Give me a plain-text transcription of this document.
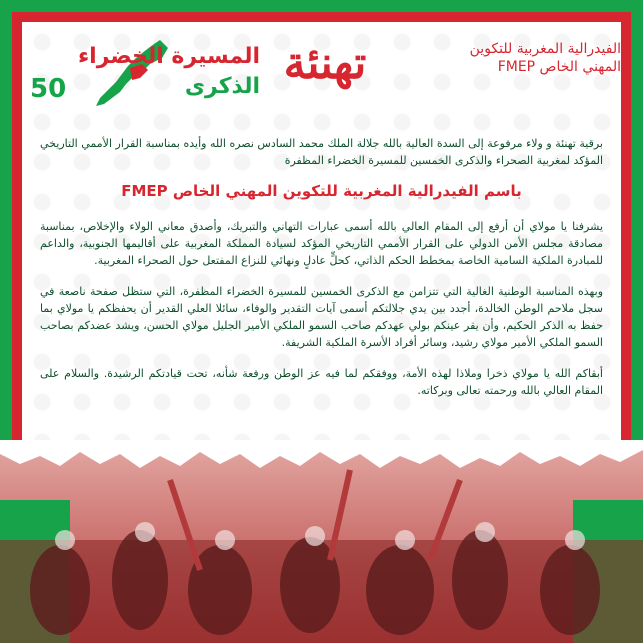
الفيدرالية المغربية للتكوين المهني الخاص FMEP
تهنئة
المسيرة الخضراء
الذكرى
50

برقية تهنئة و ولاء مرفوعة إلى السدة العالية بالله جلالة الملك محمد السادس نصره الله وأيده بمناسبة القرار الأممي التاريخي المؤكد لمغربية الصحراء والذكرى الخمسين للمسيرة الخضراء المظفرة

باسم الفيدرالية المغربية للتكوين المهني الخاص FMEP

يشرفنا يا مولاي أن أرفع إلى المقام العالي بالله أسمى عبارات التهاني والتبريك، وأصدق معاني الولاء والإخلاص، بمناسبة مصادقة مجلس الأمن الدولي على القرار الأممي التاريخي المؤكد لسيادة المملكة المغربية على أقاليمها الجنوبية، والداعم للمبادرة الملكية السامية الخاصة بمخطط الحكم الذاتي، كحلٍّ عادلٍ ونهائي للنزاع المفتعل حول الصحراء المغربية.

وبهذه المناسبة الوطنية الغالية التي تتزامن مع الذكرى الخمسين للمسيرة الخضراء المظفرة، التي ستظل صفحة ناصعة في سجل ملاحم الوطن الخالدة، أجدد بين يدي جلالتكم أسمى آيات التقدير والوفاء، سائلا العلي القدير أن يحفظكم يا مولاي بما حفظ به الذكر الحكيم، وأن يقر عينكم بولي عهدكم صاحب السمو الملكي الأمير الجليل مولاي الحسن، ويشد عضدكم بصاحب السمو الملكي الأمير مولاي رشيد، وسائر أفراد الأسرة الملكية الشريفة.

أبقاكم الله يا مولاي ذخرا وملاذا لهذه الأمة، ووفقكم لما فيه عز الوطن ورفعة شأنه، تحت قيادتكم الرشيدة. والسلام على المقام العالي بالله ورحمته تعالى وبركاته.
